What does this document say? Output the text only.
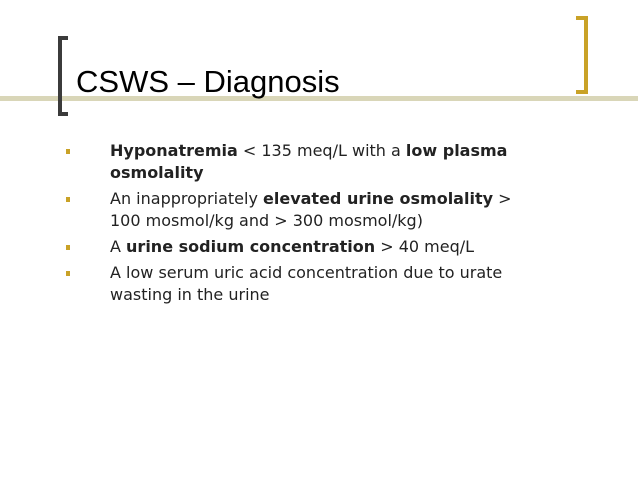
CSWS – Diagnosis
Hyponatremia < 135 meq/L with a low plasma osmolality
An inappropriately elevated urine osmolality > 100 mosmol/kg and > 300 mosmol/kg)
A urine sodium concentration > 40 meq/L
A low serum uric acid concentration due to urate wasting in the urine
